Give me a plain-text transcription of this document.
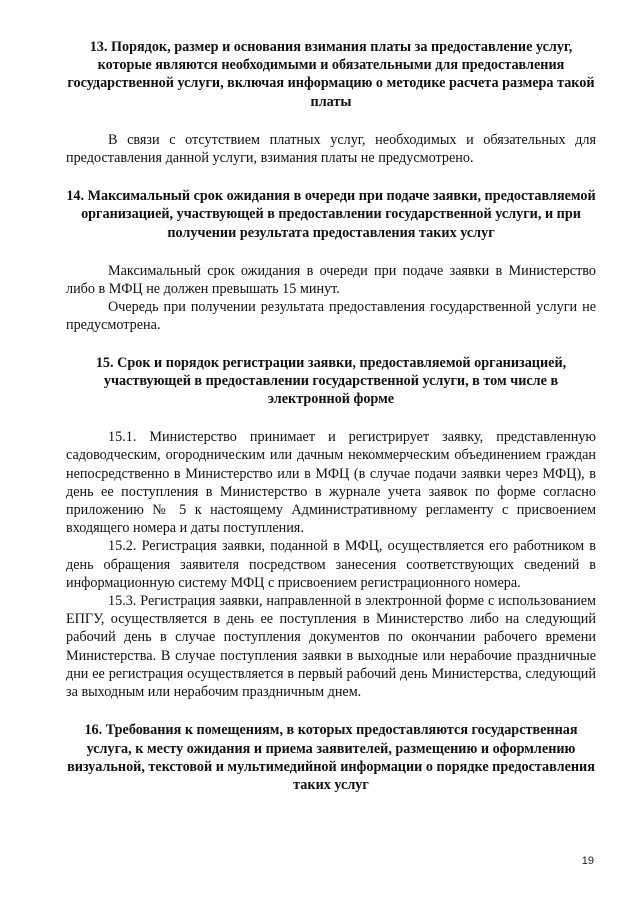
13. Порядок, размер и основания взимания платы за предоставление услуг, которые являются необходимыми и обязательными для предоставления государственной услуги, включая информацию о методике расчета размера такой платы

В связи с отсутствием платных услуг, необходимых и обязательных для предоставления данной услуги, взимания платы не предусмотрено.

14. Максимальный срок ожидания в очереди при подаче заявки, предоставляемой организацией, участвующей в предоставлении государственной услуги, и при получении результата предоставления таких услуг

Максимальный срок ожидания в очереди при подаче заявки в Министерство либо в МФЦ не должен превышать 15 минут.

Очередь при получении результата предоставления государственной услуги не предусмотрена.

15. Срок и порядок регистрации заявки, предоставляемой организацией, участвующей в предоставлении государственной услуги, в том числе в электронной форме

15.1. Министерство принимает и регистрирует заявку, представленную садоводческим, огородническим или дачным некоммерческим объединением граждан непосредственно в Министерство или в МФЦ (в случае подачи заявки через МФЦ), в день ее поступления в Министерство в журнале учета заявок по форме согласно приложению № 5 к настоящему Административному регламенту с присвоением входящего номера и даты поступления.

15.2. Регистрация заявки, поданной в МФЦ, осуществляется его работником в день обращения заявителя посредством занесения соответствующих сведений в информационную систему МФЦ с присвоением регистрационного номера.

15.3. Регистрация заявки, направленной в электронной форме с использованием ЕПГУ, осуществляется в день ее поступления в Министерство либо на следующий рабочий день в случае поступления документов по окончании рабочего времени Министерства. В случае поступления заявки в выходные или нерабочие праздничные дни ее регистрация осуществляется в первый рабочий день Министерства, следующий за выходным или нерабочим праздничным днем.

16. Требования к помещениям, в которых предоставляются государственная услуга, к месту ожидания и приема заявителей, размещению и оформлению визуальной, текстовой и мультимедийной информации о порядке предоставления таких услуг

19
